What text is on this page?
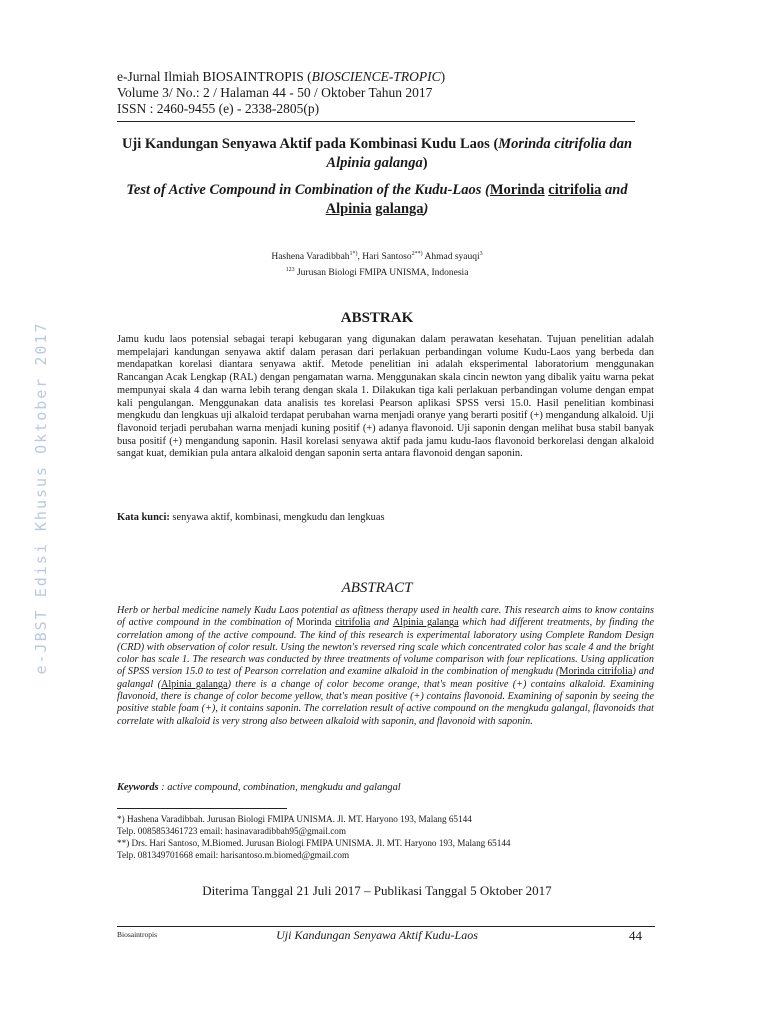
e-JBST Edisi Khusus Oktober 2017
e-Jurnal Ilmiah BIOSAINTROPIS (BIOSCIENCE-TROPIC)
Volume 3/ No.: 2 / Halaman 44 - 50 / Oktober Tahun 2017
ISSN : 2460-9455 (e) - 2338-2805(p)
Uji Kandungan Senyawa Aktif pada Kombinasi Kudu Laos (Morinda citrifolia dan Alpinia galanga)
Test of Active Compound in Combination of the Kudu-Laos (Morinda citrifolia and Alpinia galanga)
Hashena Varadibbah$^{1*)}$, Hari Santoso$^{2**)}$ Ahmad syauqi$^3$
$^{123}$ Jurusan Biologi FMIPA UNISMA, Indonesia
ABSTRAK
Jamu kudu laos potensial sebagai terapi kebugaran yang digunakan dalam perawatan kesehatan. Tujuan penelitian adalah mempelajari kandungan senyawa aktif dalam perasan dari perlakuan perbandingan volume Kudu-Laos yang berbeda dan mendapatkan korelasi diantara senyawa aktif. Metode penelitian ini adalah eksperimental laboratorium menggunakan Rancangan Acak Lengkap (RAL) dengan pengamatan warna. Menggunakan skala cincin newton yang dibalik yaitu warna pekat mempunyai skala 4 dan warna lebih terang dengan skala 1. Dilakukan tiga kali perlakuan perbandingan volume dengan empat kali pengulangan. Menggunakan data analisis tes korelasi Pearson aplikasi SPSS versi 15.0. Hasil penelitian kombinasi mengkudu dan lengkuas uji alkaloid terdapat perubahan warna menjadi oranye yang berarti positif (+) mengandung alkaloid. Uji flavonoid terjadi perubahan warna menjadi kuning positif (+) adanya flavonoid. Uji saponin dengan melihat busa stabil banyak busa positif (+) mengandung saponin. Hasil korelasi senyawa aktif pada jamu kudu-laos flavonoid berkorelasi dengan alkaloid sangat kuat, demikian pula antara alkaloid dengan saponin serta antara flavonoid dengan saponin.
Kata kunci: senyawa aktif, kombinasi, mengkudu dan lengkuas
ABSTRACT
Herb or herbal medicine namely Kudu Laos potential as afitness therapy used in health care. This research aims to know contains of active compound in the combination of Morinda citrifolia and Alpinia galanga which had different treatments, by finding the correlation among of the active compound. The kind of this research is experimental laboratory using Complete Random Design (CRD) with observation of color result. Using the newton's reversed ring scale which concentrated color has scale 4 and the bright color has scale 1. The research was conducted by three treatments of volume comparison with four replications. Using application of SPSS version 15.0 to test of Pearson correlation and examine alkaloid in the combination of mengkudu (Morinda citrifolia) and galangal (Alpinia galanga) there is a change of color become orange, that's mean positive (+) contains alkaloid. Examining flavonoid, there is change of color become yellow, that's mean positive (+) contains flavonoid. Examining of saponin by seeing the positive stable foam (+), it contains saponin. The correlation result of active compound on the mengkudu galangal, flavonoids that correlate with alkaloid is very strong also between alkaloid with saponin, and flavonoid with saponin.
Keywords : active compound, combination, mengkudu and galangal
*) Hashena Varadibbah. Jurusan Biologi FMIPA UNISMA. Jl. MT. Haryono 193, Malang 65144
Telp. 0085853461723 email: hasinavaradibbah95@gmail.com
**) Drs. Hari Santoso, M.Biomed. Jurusan Biologi FMIPA UNISMA. Jl. MT. Haryono 193, Malang 65144
Telp. 081349701668 email: harisantoso.m.biomed@gmail.com
Diterima Tanggal 21 Juli 2017 – Publikasi Tanggal 5 Oktober 2017
Biosaintropis	Uji Kandungan Senyawa Aktif Kudu-Laos	44
